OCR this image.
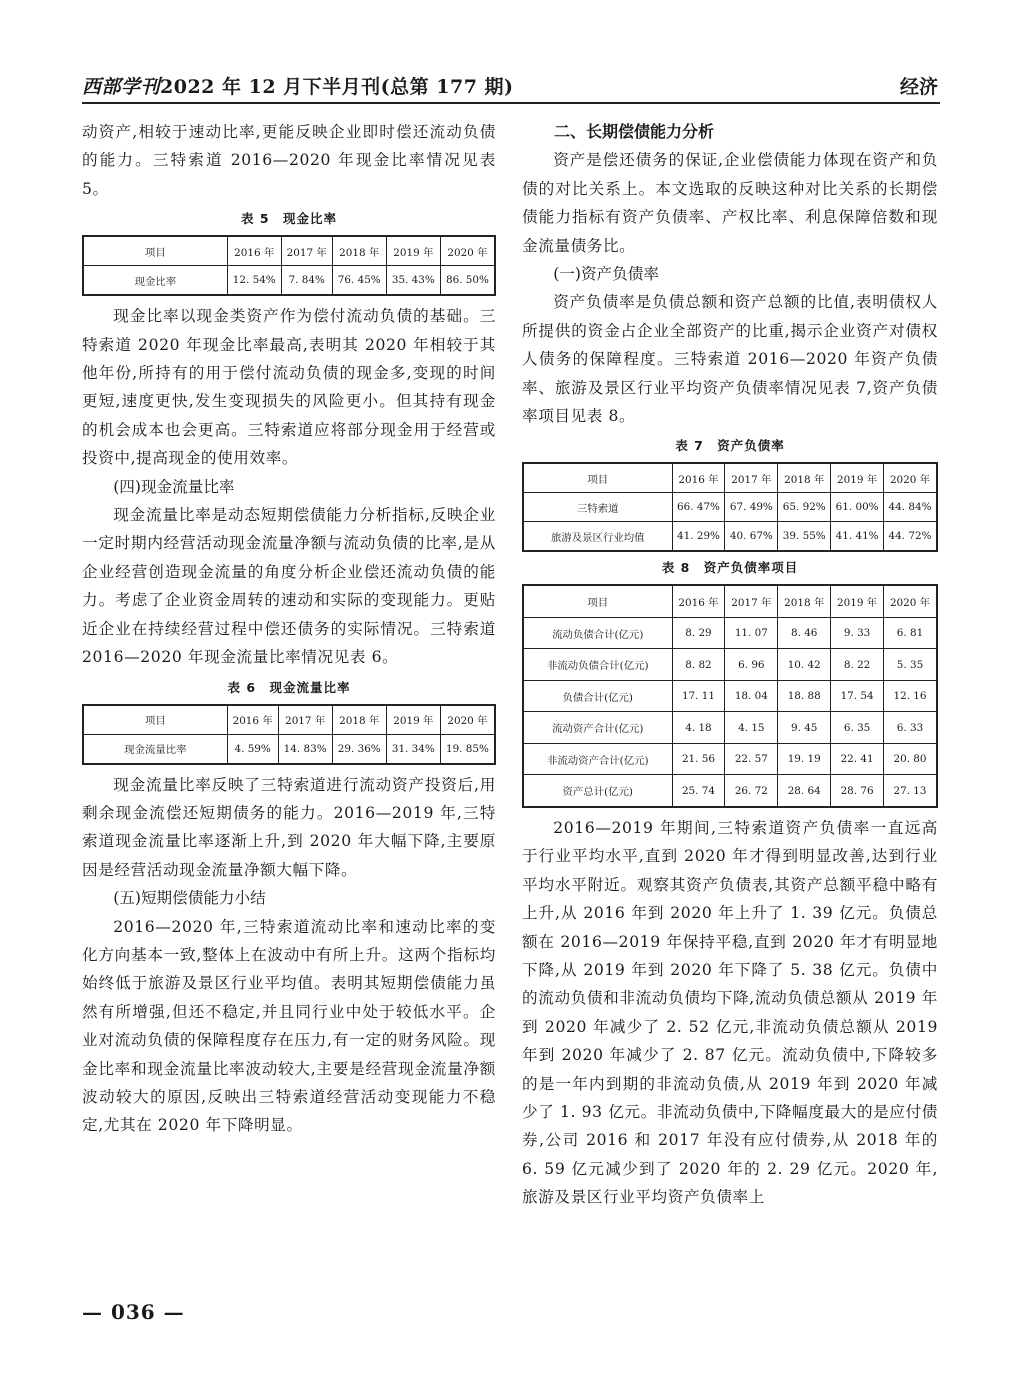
西部学刊2022 年 12 月下半月刊(总第 177 期)	经济

动资产,相较于速动比率,更能反映企业即时偿还流动负债的能力。三特索道 2016—2020 年现金比率情况见表 5。

表 5　现金比率
项目	2016 年	2017 年	2018 年	2019 年	2020 年
现金比率	12. 54%	7. 84%	76. 45%	35. 43%	86. 50%

现金比率以现金类资产作为偿付流动负债的基础。三特索道 2020 年现金比率最高,表明其 2020 年相较于其他年份,所持有的用于偿付流动负债的现金多,变现的时间更短,速度更快,发生变现损失的风险更小。但其持有现金的机会成本也会更高。三特索道应将部分现金用于经营或投资中,提高现金的使用效率。

(四)现金流量比率

现金流量比率是动态短期偿债能力分析指标,反映企业一定时期内经营活动现金流量净额与流动负债的比率,是从企业经营创造现金流量的角度分析企业偿还流动负债的能力。考虑了企业资金周转的速动和实际的变现能力。更贴近企业在持续经营过程中偿还债务的实际情况。三特索道 2016—2020 年现金流量比率情况见表 6。

表 6　现金流量比率
项目	2016 年	2017 年	2018 年	2019 年	2020 年
现金流量比率	4. 59%	14. 83%	29. 36%	31. 34%	19. 85%

现金流量比率反映了三特索道进行流动资产投资后,用剩余现金流偿还短期债务的能力。2016—2019 年,三特索道现金流量比率逐渐上升,到 2020 年大幅下降,主要原因是经营活动现金流量净额大幅下降。

(五)短期偿债能力小结

2016—2020 年,三特索道流动比率和速动比率的变化方向基本一致,整体上在波动中有所上升。这两个指标均始终低于旅游及景区行业平均值。表明其短期偿债能力虽然有所增强,但还不稳定,并且同行业中处于较低水平。企业对流动负债的保障程度存在压力,有一定的财务风险。现金比率和现金流量比率波动较大,主要是经营现金流量净额波动较大的原因,反映出三特索道经营活动变现能力不稳定,尤其在 2020 年下降明显。

二、长期偿债能力分析

资产是偿还债务的保证,企业偿债能力体现在资产和负债的对比关系上。本文选取的反映这种对比关系的长期偿债能力指标有资产负债率、产权比率、利息保障倍数和现金流量债务比。

(一)资产负债率

资产负债率是负债总额和资产总额的比值,表明债权人所提供的资金占企业全部资产的比重,揭示企业资产对债权人债务的保障程度。三特索道 2016—2020 年资产负债率、旅游及景区行业平均资产负债率情况见表 7,资产负债率项目见表 8。

表 7　资产负债率
项目	2016 年	2017 年	2018 年	2019 年	2020 年
三特索道	66. 47%	67. 49%	65. 92%	61. 00%	44. 84%
旅游及景区行业均值	41. 29%	40. 67%	39. 55%	41. 41%	44. 72%
表 8　资产负债率项目
项目	2016 年	2017 年	2018 年	2019 年	2020 年
流动负债合计(亿元)	8. 29	11. 07	8. 46	9. 33	6. 81
非流动负债合计(亿元)	8. 82	6. 96	10. 42	8. 22	5. 35
负债合计(亿元)	17. 11	18. 04	18. 88	17. 54	12. 16
流动资产合计(亿元)	4. 18	4. 15	9. 45	6. 35	6. 33
非流动资产合计(亿元)	21. 56	22. 57	19. 19	22. 41	20. 80
资产总计(亿元)	25. 74	26. 72	28. 64	28. 76	27. 13

2016—2019 年期间,三特索道资产负债率一直远高于行业平均水平,直到 2020 年才得到明显改善,达到行业平均水平附近。观察其资产负债表,其资产总额平稳中略有上升,从 2016 年到 2020 年上升了 1. 39 亿元。负债总额在 2016—2019 年保持平稳,直到 2020 年才有明显地下降,从 2019 年到 2020 年下降了 5. 38 亿元。负债中的流动负债和非流动负债均下降,流动负债总额从 2019 年到 2020 年减少了 2. 52 亿元,非流动负债总额从 2019 年到 2020 年减少了 2. 87 亿元。流动负债中,下降较多的是一年内到期的非流动负债,从 2019 年到 2020 年减少了 1. 93 亿元。非流动负债中,下降幅度最大的是应付债券,公司 2016 和 2017 年没有应付债券,从 2018 年的 6. 59 亿元减少到了 2020 年的 2. 29 亿元。2020 年,旅游及景区行业平均资产负债率上

— 036 —
